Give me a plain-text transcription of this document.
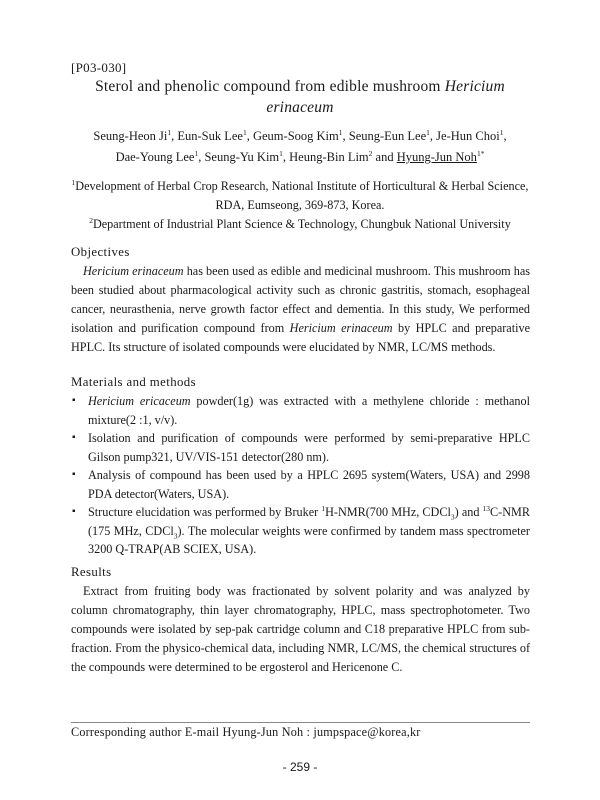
[P03-030]
Sterol and phenolic compound from edible mushroom Hericium erinaceum
Seung-Heon Ji$^1$, Eun-Suk Lee$^1$, Geum-Soog Kim$^1$, Seung-Eun Lee$^1$, Je-Hun Choi$^1$,
Dae-Young Lee$^1$, Seung-Yu Kim$^1$, Heung-Bin Lim$^2$ and Hyung-Jun Noh$^{1*}$
$^1$Development of Herbal Crop Research, National Institute of Horticultural & Herbal Science, RDA, Eumseong, 369-873, Korea.
$^2$Department of Industrial Plant Science & Technology, Chungbuk National University
Objectives
Hericium erinaceum has been used as edible and medicinal mushroom. This mushroom has been studied about pharmacological activity such as chronic gastritis, stomach, esophageal cancer, neurasthenia, nerve growth factor effect and dementia. In this study, We performed isolation and purification compound from Hericium erinaceum by HPLC and preparative HPLC. Its structure of isolated compounds were elucidated by NMR, LC/MS methods.
Materials and methods
▪ Hericium ericaceum powder(1g) was extracted with a methylene chloride : methanol mixture(2 :1, v/v).
▪ Isolation and purification of compounds were performed by semi-preparative HPLC Gilson pump321, UV/VIS-151 detector(280 nm).
▪ Analysis of compound has been used by a HPLC 2695 system(Waters, USA) and 2998 PDA detector(Waters, USA).
▪ Structure elucidation was performed by Bruker $^1$H-NMR(700 MHz, CDCl$_3$) and $^{13}$C-NMR (175 MHz, CDCl$_3$). The molecular weights were confirmed by tandem mass spectrometer 3200 Q-TRAP(AB SCIEX, USA).
Results
Extract from fruiting body was fractionated by solvent polarity and was analyzed by column chromatography, thin layer chromatography, HPLC, mass spectrophotometer. Two compounds were isolated by sep-pak cartridge column and C18 preparative HPLC from sub-fraction. From the physico-chemical data, including NMR, LC/MS, the chemical structures of the compounds were determined to be ergosterol and Hericenone C.
Corresponding author E-mail Hyung-Jun Noh : jumpspace@korea,kr
- 259 -
